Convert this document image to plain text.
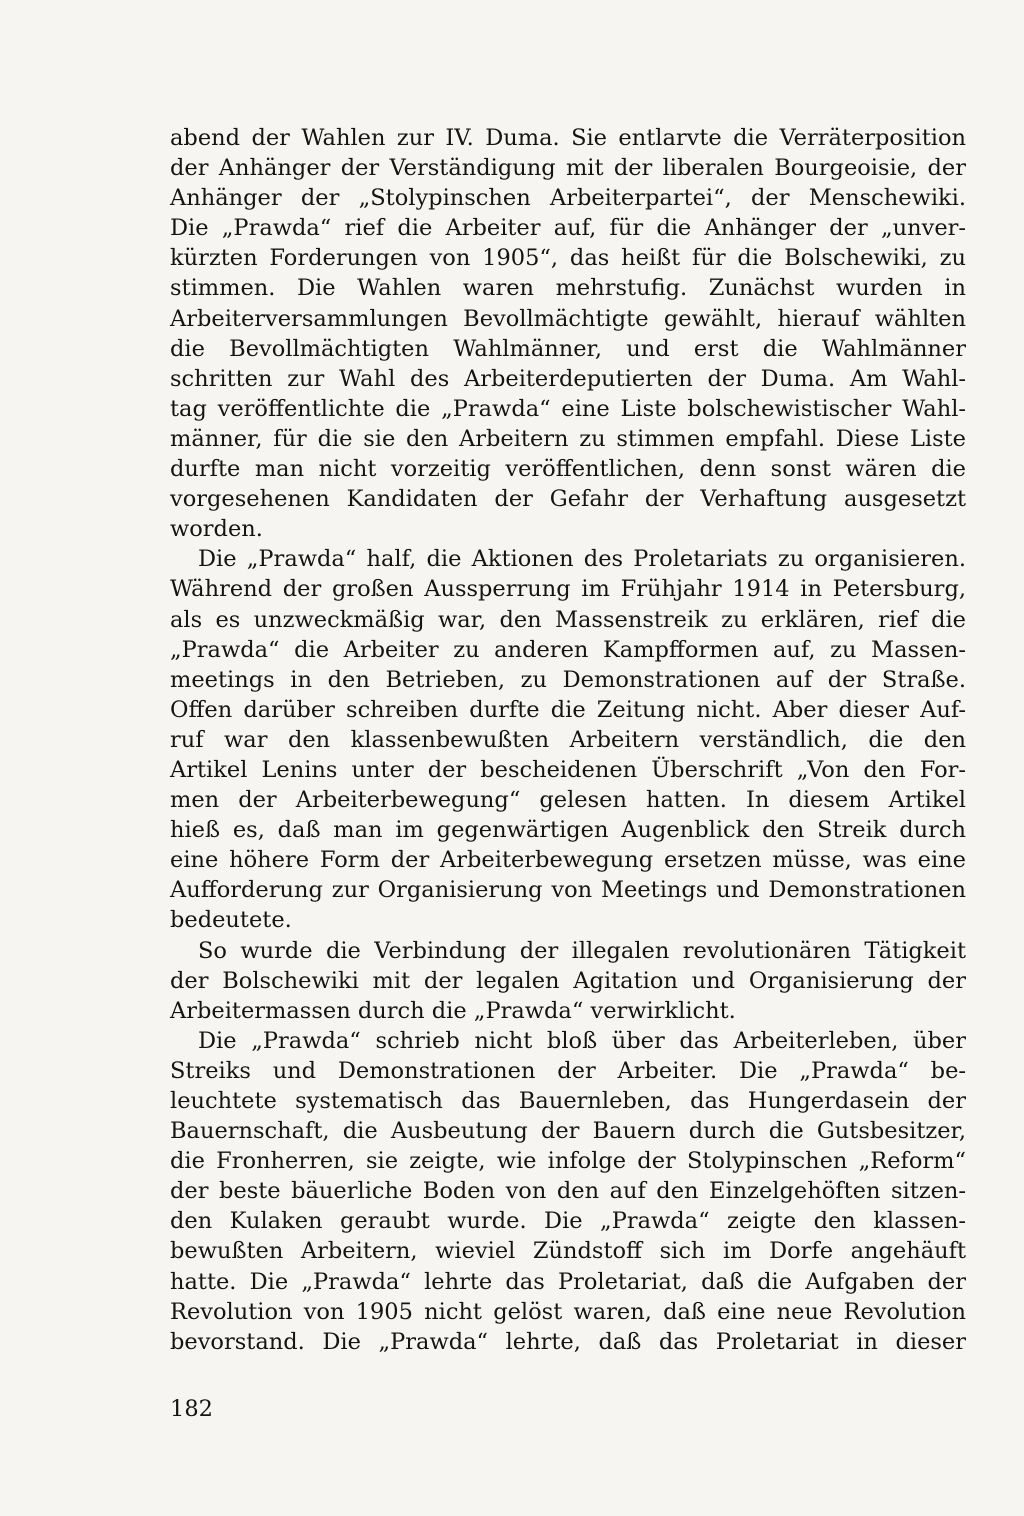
abend der Wahlen zur IV. Duma. Sie entlarvte die Verräterposition
der Anhänger der Verständigung mit der liberalen Bourgeoisie, der
Anhänger der „Stolypinschen Arbeiterpartei“, der Menschewiki.
Die „Prawda“ rief die Arbeiter auf, für die Anhänger der „unver-
kürzten Forderungen von 1905“, das heißt für die Bolschewiki, zu
stimmen. Die Wahlen waren mehrstufig. Zunächst wurden in
Arbeiterversammlungen Bevollmächtigte gewählt, hierauf wählten
die Bevollmächtigten Wahlmänner, und erst die Wahlmänner
schritten zur Wahl des Arbeiterdeputierten der Duma. Am Wahl-
tag veröffentlichte die „Prawda“ eine Liste bolschewistischer Wahl-
männer, für die sie den Arbeitern zu stimmen empfahl. Diese Liste
durfte man nicht vorzeitig veröffentlichen, denn sonst wären die
vorgesehenen Kandidaten der Gefahr der Verhaftung ausgesetzt
worden.

Die „Prawda“ half, die Aktionen des Proletariats zu organisieren.
Während der großen Aussperrung im Frühjahr 1914 in Petersburg,
als es unzweckmäßig war, den Massenstreik zu erklären, rief die
„Prawda“ die Arbeiter zu anderen Kampfformen auf, zu Massen-
meetings in den Betrieben, zu Demonstrationen auf der Straße.
Offen darüber schreiben durfte die Zeitung nicht. Aber dieser Auf-
ruf war den klassenbewußten Arbeitern verständlich, die den
Artikel Lenins unter der bescheidenen Überschrift „Von den For-
men der Arbeiterbewegung“ gelesen hatten. In diesem Artikel
hieß es, daß man im gegenwärtigen Augenblick den Streik durch
eine höhere Form der Arbeiterbewegung ersetzen müsse, was eine
Aufforderung zur Organisierung von Meetings und Demonstrationen
bedeutete.

So wurde die Verbindung der illegalen revolutionären Tätigkeit
der Bolschewiki mit der legalen Agitation und Organisierung der
Arbeitermassen durch die „Prawda“ verwirklicht.

Die „Prawda“ schrieb nicht bloß über das Arbeiterleben, über
Streiks und Demonstrationen der Arbeiter. Die „Prawda“ be-
leuchtete systematisch das Bauernleben, das Hungerdasein der
Bauernschaft, die Ausbeutung der Bauern durch die Gutsbesitzer,
die Fronherren, sie zeigte, wie infolge der Stolypinschen „Reform“
der beste bäuerliche Boden von den auf den Einzelgehöften sitzen-
den Kulaken geraubt wurde. Die „Prawda“ zeigte den klassen-
bewußten Arbeitern, wieviel Zündstoff sich im Dorfe angehäuft
hatte. Die „Prawda“ lehrte das Proletariat, daß die Aufgaben der
Revolution von 1905 nicht gelöst waren, daß eine neue Revolution
bevorstand. Die „Prawda“ lehrte, daß das Proletariat in dieser

182
